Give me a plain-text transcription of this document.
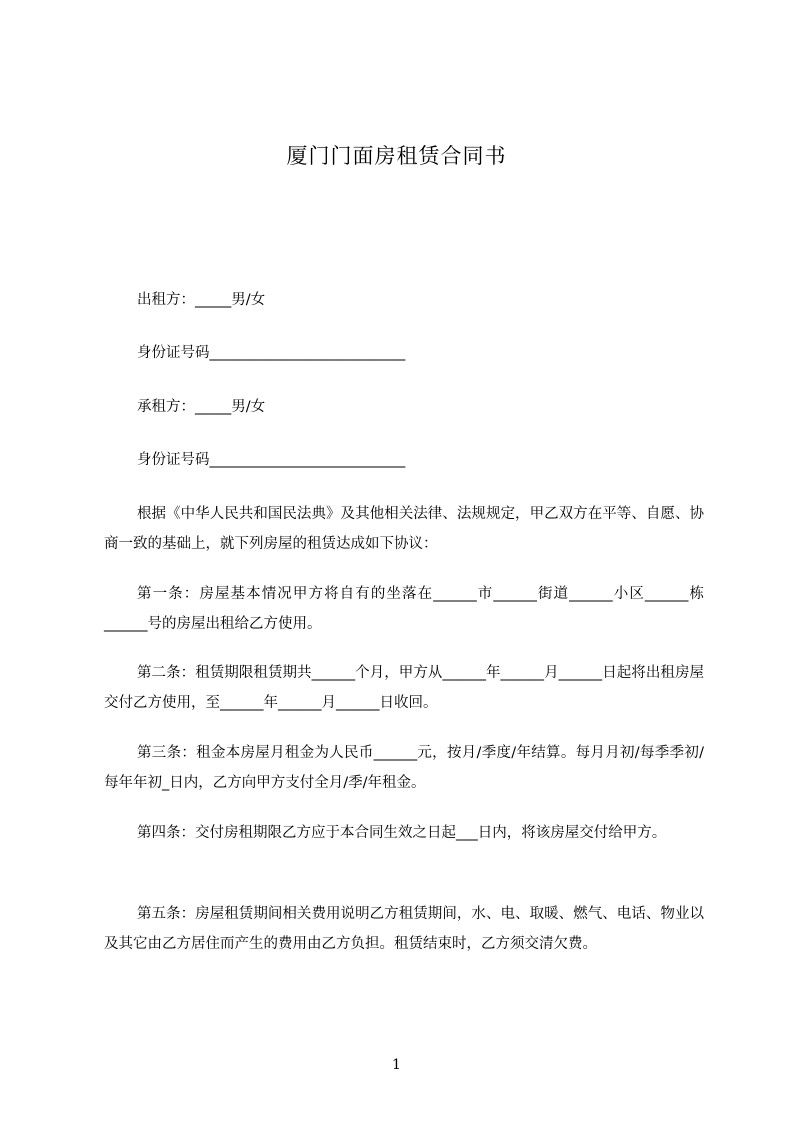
厦门门面房租赁合同书
出租方：_____男/女
身份证号码___________________________
承租方：_____男/女
身份证号码___________________________
根据《中华人民共和国民法典》及其他相关法律、法规规定，甲乙双方在平等、自愿、协商一致的基础上，就下列房屋的租赁达成如下协议：
第一条：房屋基本情况甲方将自有的坐落在______市______街道______小区______栋______号的房屋出租给乙方使用。
第二条：租赁期限租赁期共______个月，甲方从______年______月______日起将出租房屋交付乙方使用，至______年______月______日收回。
第三条：租金本房屋月租金为人民币______元，按月/季度/年结算。每月月初/每季季初/每年年初_日内，乙方向甲方支付全月/季/年租金。
第四条：交付房租期限乙方应于本合同生效之日起___日内，将该房屋交付给甲方。
第五条：房屋租赁期间相关费用说明乙方租赁期间，水、电、取暖、燃气、电话、物业以及其它由乙方居住而产生的费用由乙方负担。租赁结束时，乙方须交清欠费。
1
